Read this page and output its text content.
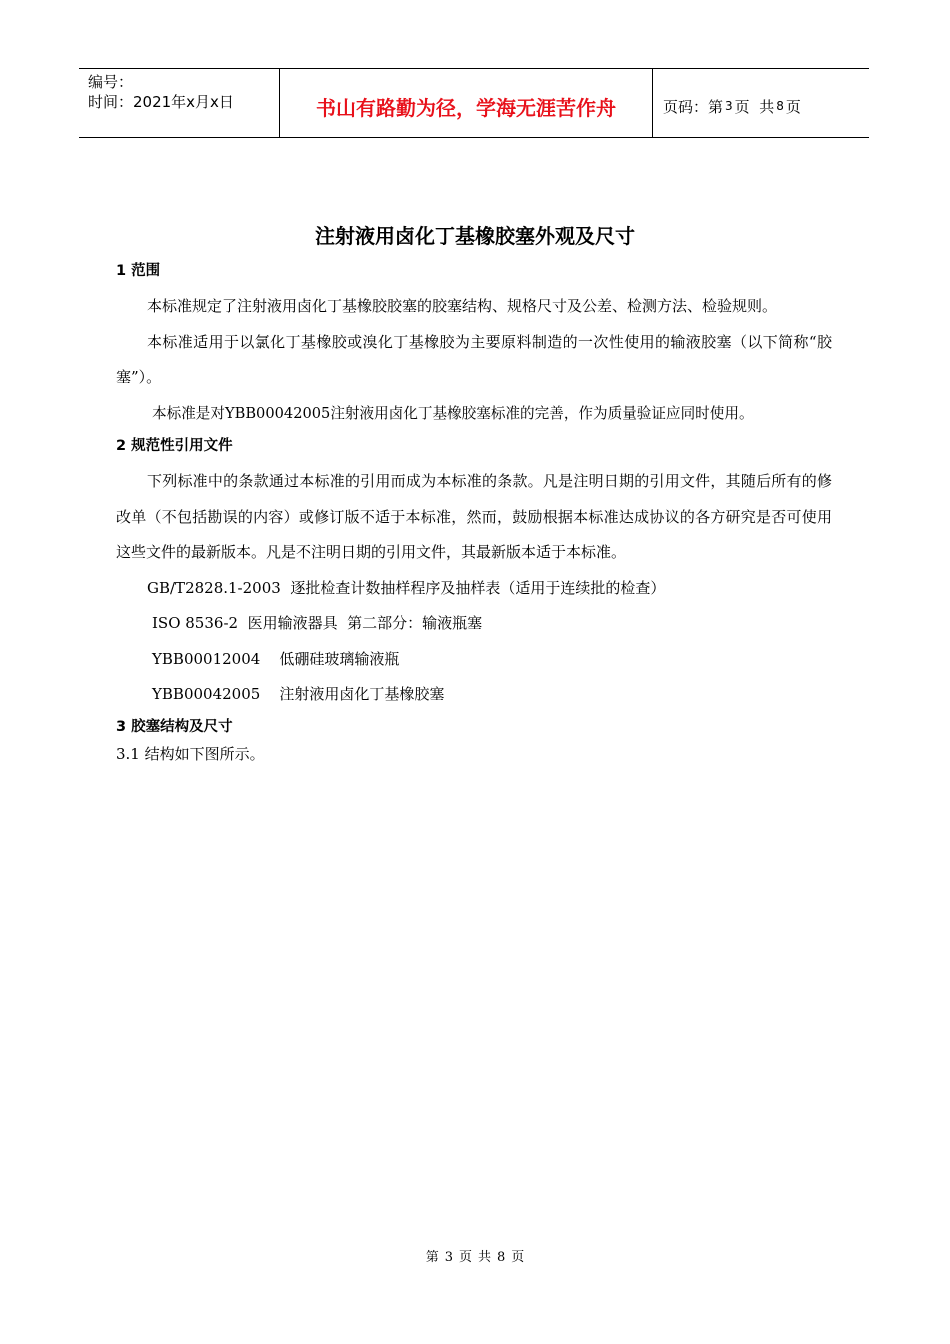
编号：
时间：2021年x月x日	书山有路勤为径，学海无涯苦作舟	页码：第 3 页  共 8 页
注射液用卤化丁基橡胶塞外观及尺寸
1 范围

本标准规定了注射液用卤化丁基橡胶胶塞的胶塞结构、规格尺寸及公差、检测方法、检验规则。

本标准适用于以氯化丁基橡胶或溴化丁基橡胶为主要原料制造的一次性使用的输液胶塞（以下简称“胶塞”）。

本标准是对YBB00042005注射液用卤化丁基橡胶塞标准的完善，作为质量验证应同时使用。

2 规范性引用文件

下列标准中的条款通过本标准的引用而成为本标准的条款。凡是注明日期的引用文件，其随后所有的修改单（不包括勘误的内容）或修订版不适于本标准，然而，鼓励根据本标准达成协议的各方研究是否可使用这些文件的最新版本。凡是不注明日期的引用文件，其最新版本适于本标准。

GB/T2828.1-2003  逐批检查计数抽样程序及抽样表（适用于连续批的检查）

ISO 8536-2  医用输液器具  第二部分：输液瓶塞

YBB00012004    低硼硅玻璃输液瓶

YBB00042005    注射液用卤化丁基橡胶塞

3 胶塞结构及尺寸

3.1 结构如下图所示。

第 3 页 共 8 页
